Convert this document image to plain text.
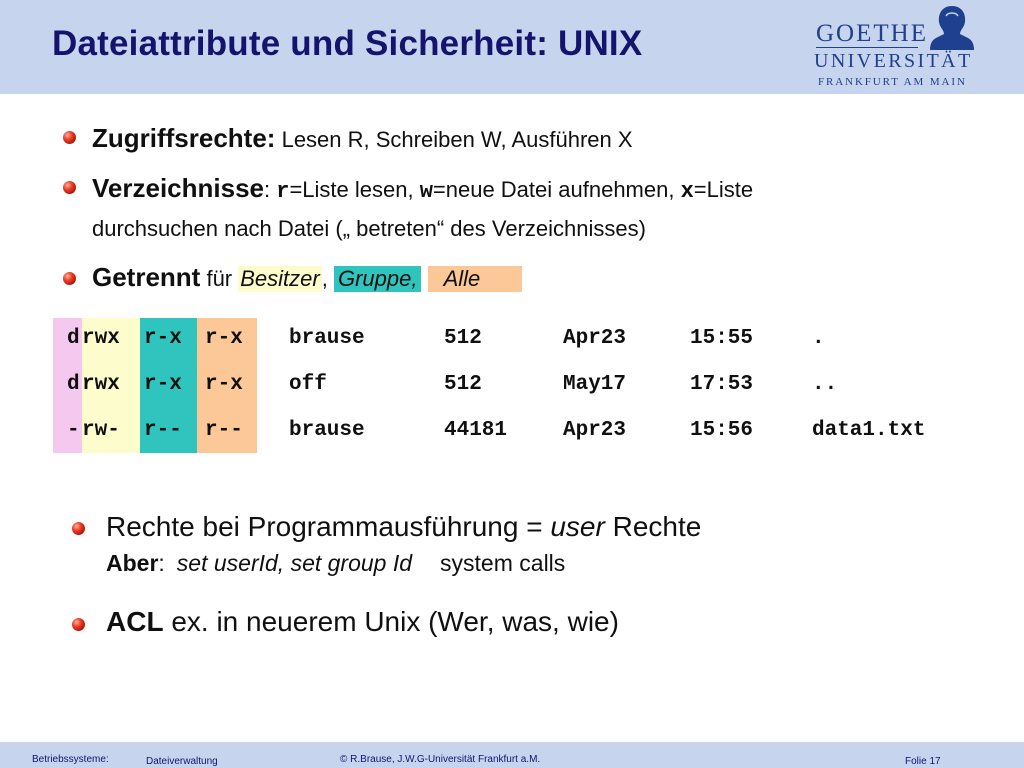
Dateiattribute und Sicherheit: UNIX	GOETHE
UNIVERSITÄT
FRANKFURT AM MAIN
Zugriffsrechte: Lesen R, Schreiben W, Ausführen X
Verzeichnisse: r=Liste lesen, w=neue Datei aufnehmen, x=Liste
durchsuchen nach Datei („ betreten“ des Verzeichnisses)
Getrennt für Besitzer, Gruppe, Alle
d rwx r-x r-x brause	512	Apr23	15:55	.
d rwx r-x r-x off	512	May17	17:53	..
- rw- r-- r-- brause	44181	Apr23	15:56	data1.txt
Rechte bei Programmausführung = user Rechte
Aber: set userId, set group Id system calls
ACL ex. in neuerem Unix (Wer, was, wie)
Betriebssysteme:	Dateiverwaltung	© R.Brause, J.W.G-Universität Frankfurt a.M.	Folie 17
